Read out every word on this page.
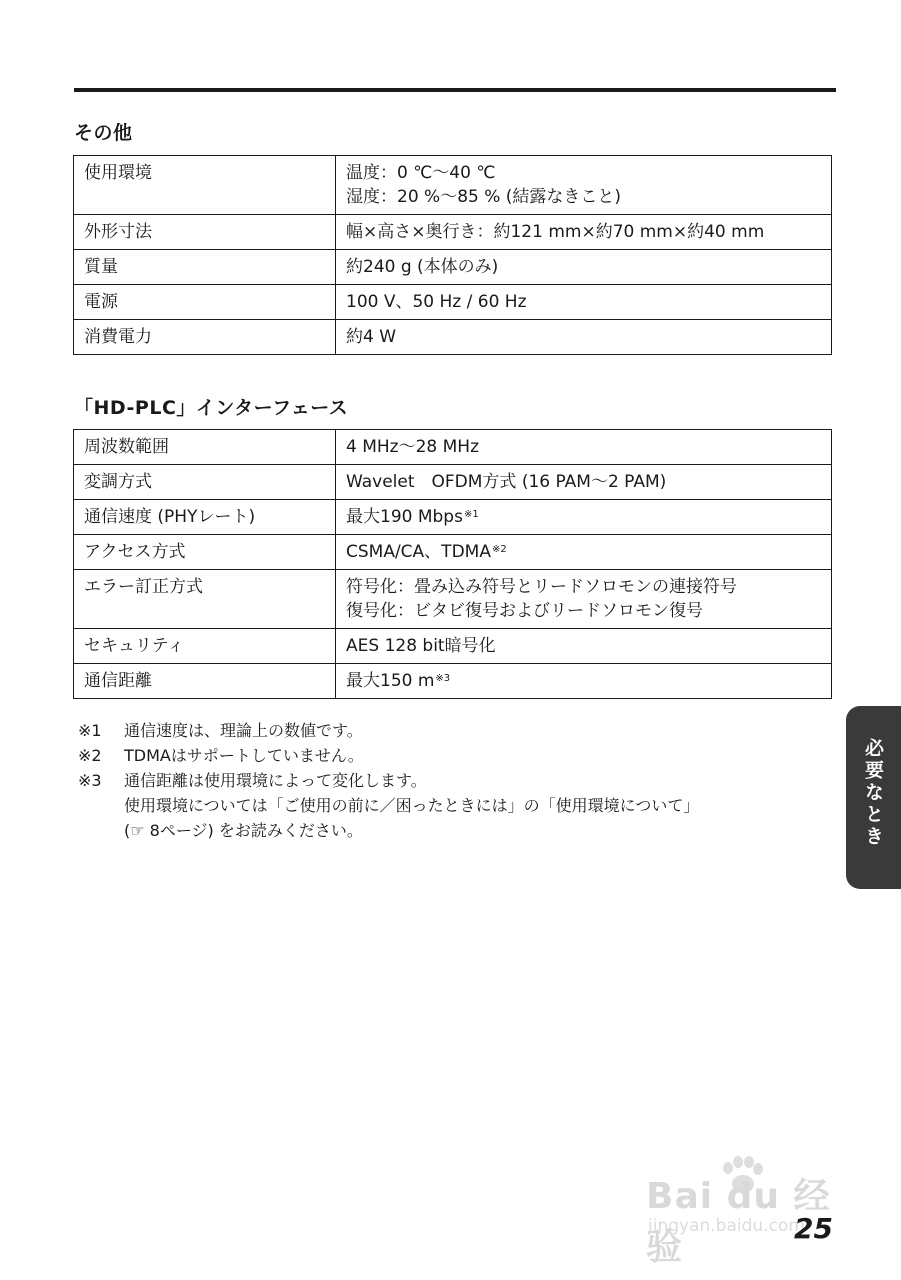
その他
使用環境	温度：0 ℃～40 ℃
湿度：20 %～85 % (結露なきこと)

外形寸法	幅×高さ×奥行き：約121 mm×約70 mm×約40 mm

質量	約240 g (本体のみ)

電源	100 V、50 Hz / 60 Hz

消費電力	約4 W
「HD-PLC」インターフェース
周波数範囲	4 MHz～28 MHz

変調方式	Wavelet　OFDM方式 (16 PAM～2 PAM)

通信速度 (PHYレート)	最大190 Mbps$^{※1}$
アクセス方式	CSMA/CA、TDMA$^{※2}$
エラー訂正方式	符号化：畳み込み符号とリードソロモンの連接符号
復号化：ビタビ復号およびリードソロモン復号

セキュリティ	AES 128 bit暗号化

通信距離	最大150 m$^{※3}$
※1 通信速度は、理論上の数値です。
※2 TDMAはサポートしていません。
※3 通信距離は使用環境によって変化します。
使用環境については「ご使用の前に／困ったときには」の「使用環境について」
(☞ 8ページ) をお読みください。	必要なとき
Bai du 经验
jingyan.baidu.com
25
